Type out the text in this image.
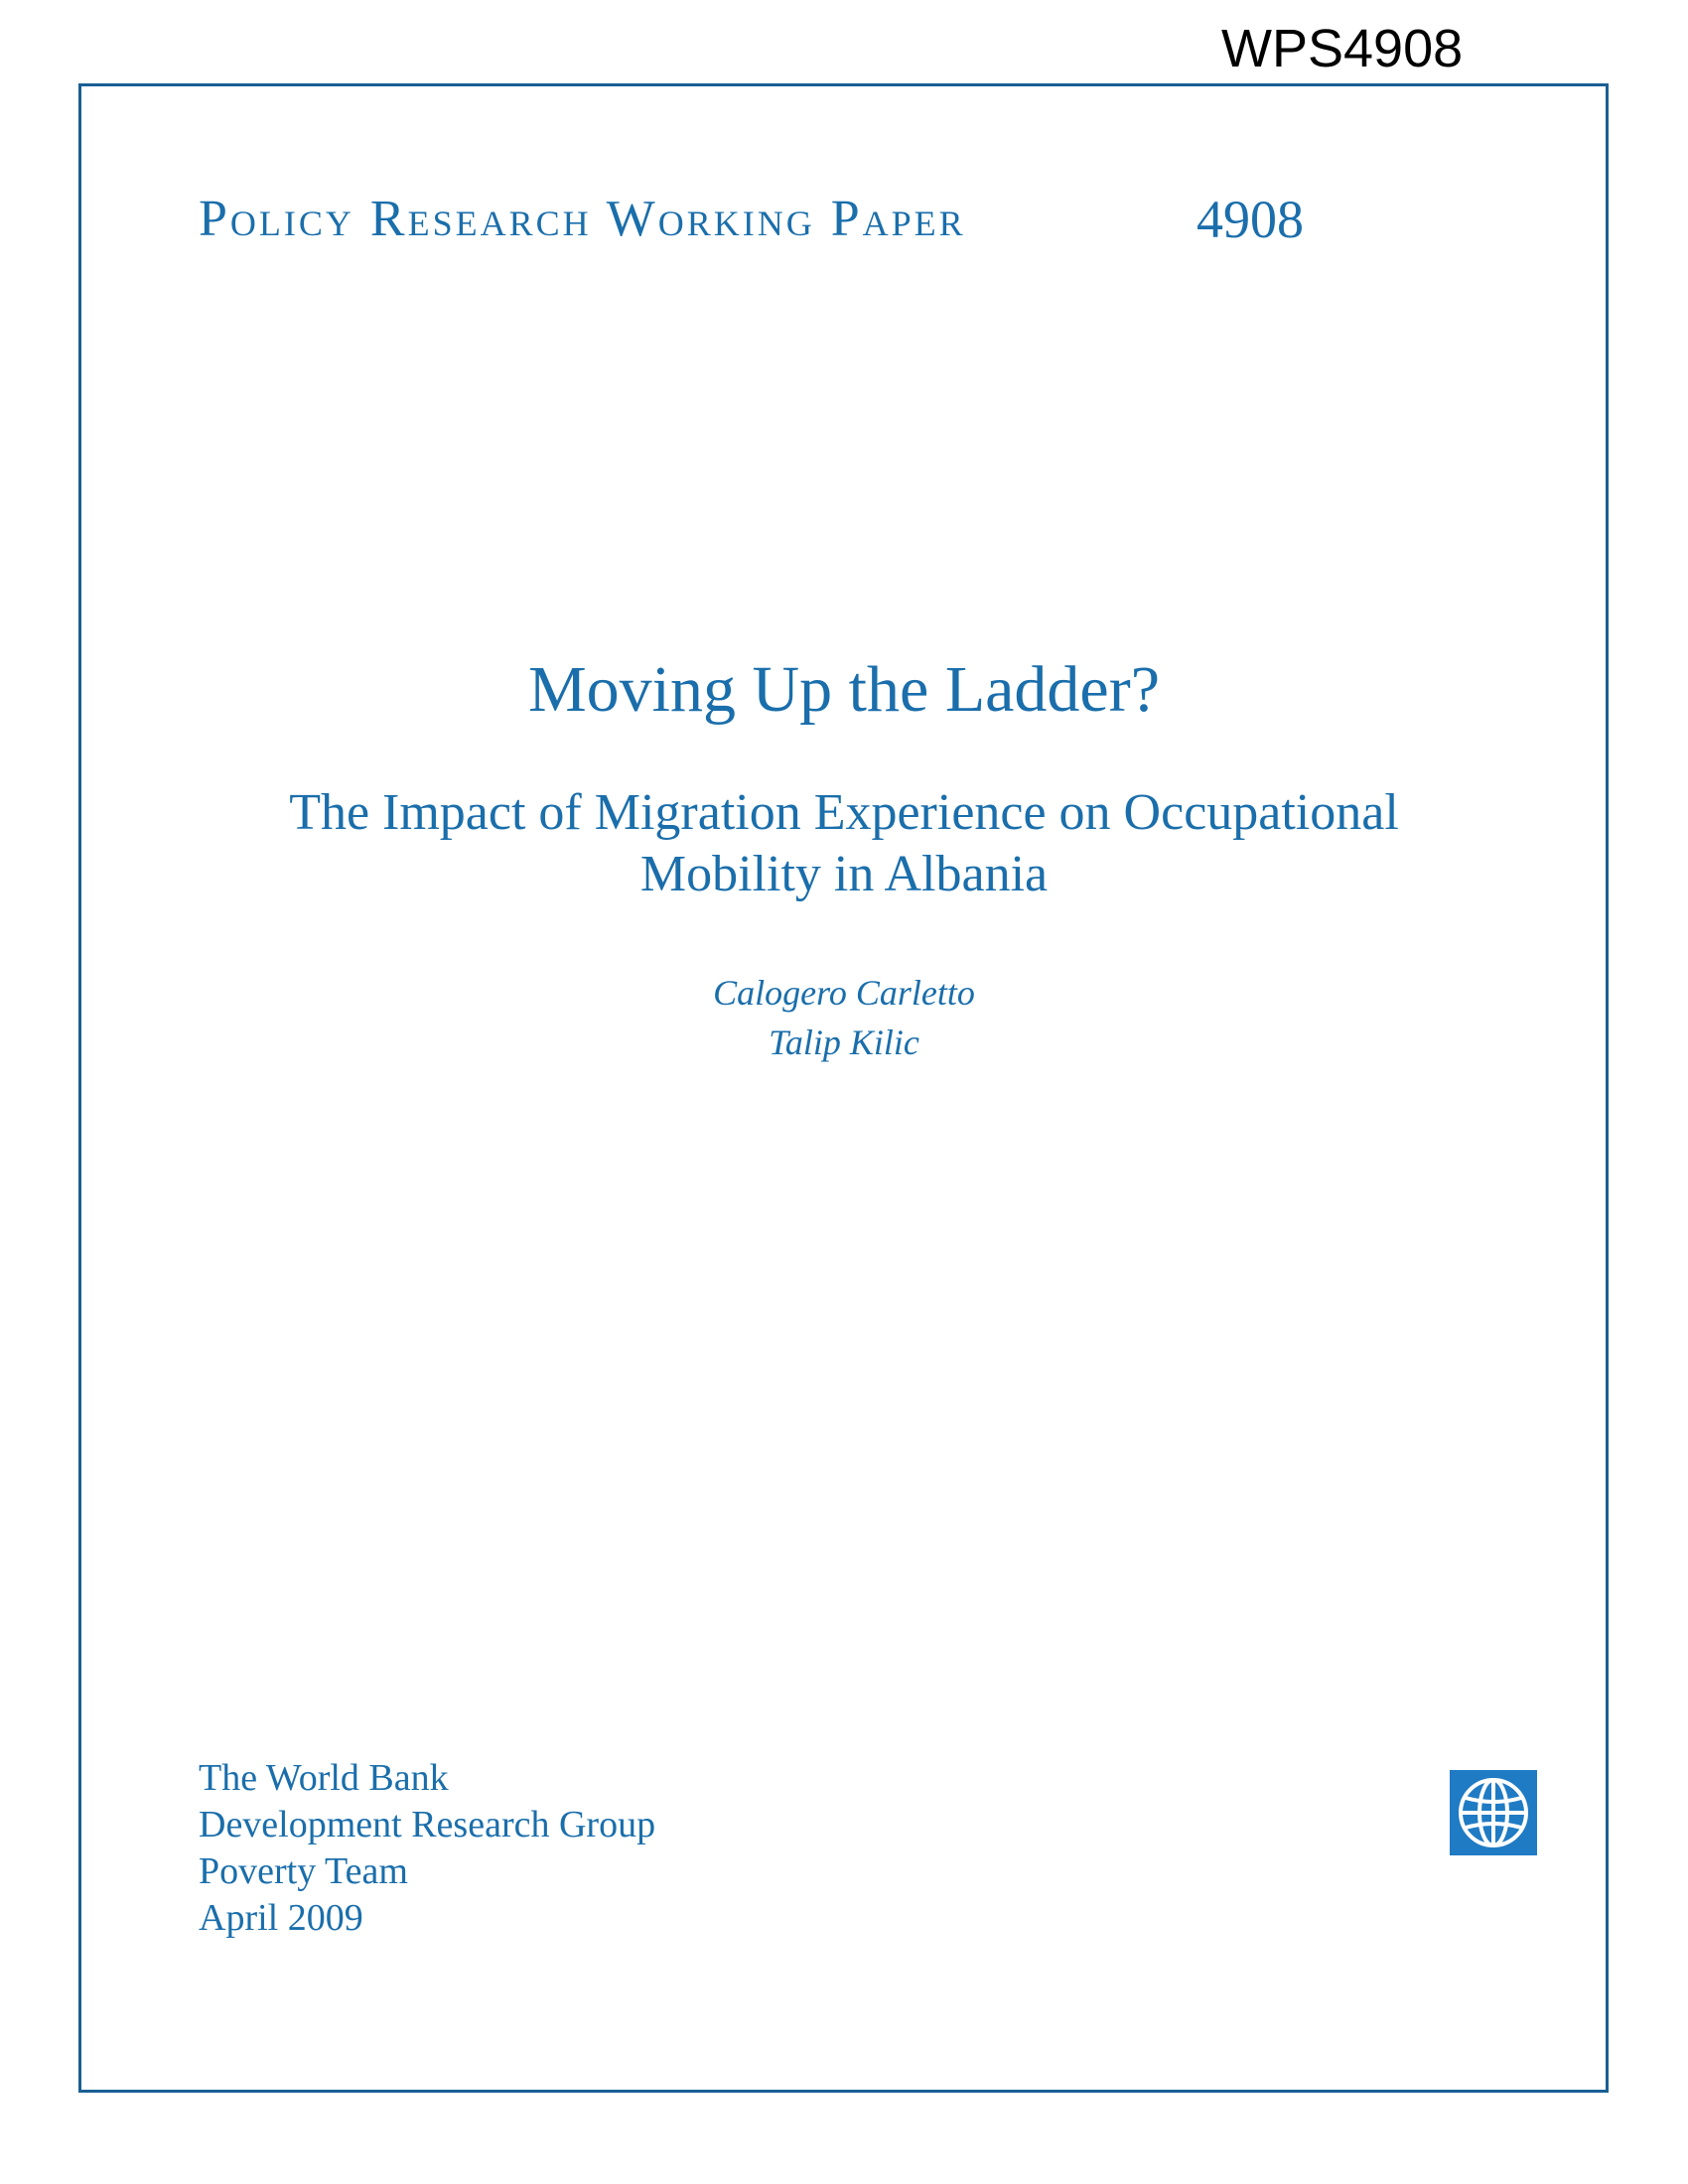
WPS4908
Policy Research Working Paper	4908
Moving Up the Ladder?
The Impact of Migration Experience on Occupational
Mobility in Albania
Calogero Carletto
Talip Kilic
The World Bank
Development Research Group
Poverty Team
April 2009
